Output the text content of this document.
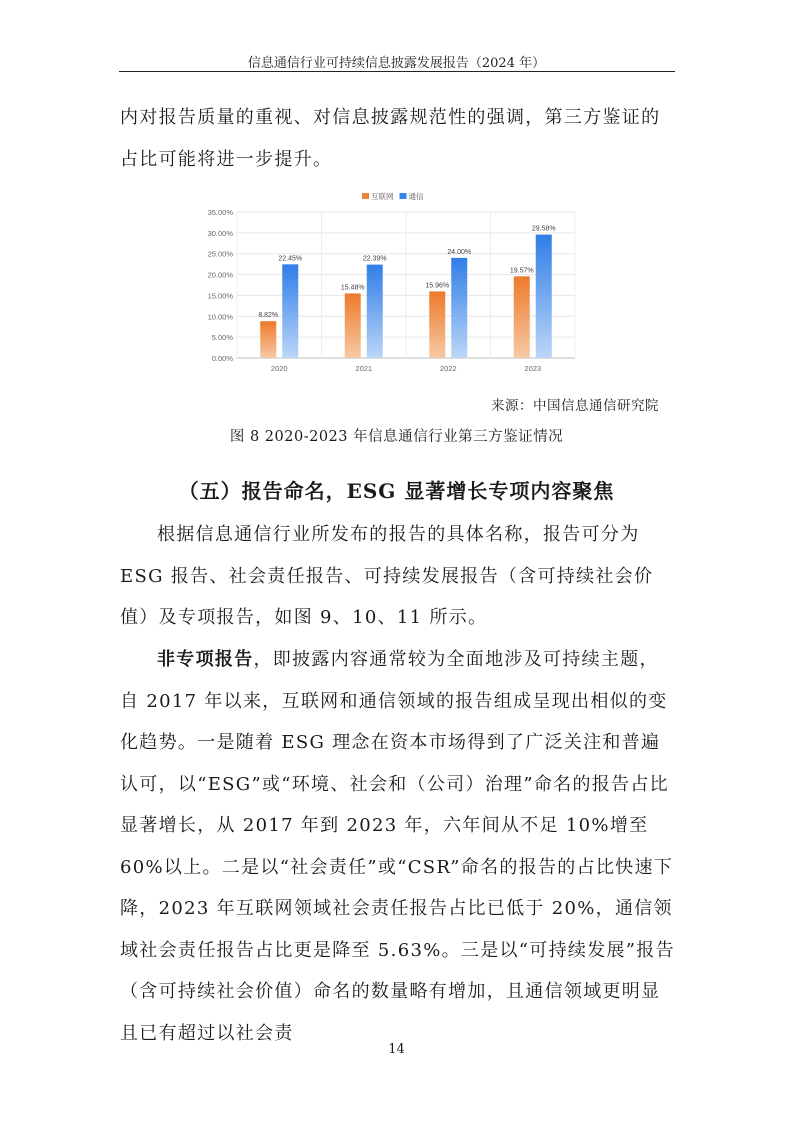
信息通信行业可持续信息披露发展报告（2024 年）

内对报告质量的重视、对信息披露规范性的强调，第三方鉴证的占比可能将进一步提升。

互联网 通信
0.00%
5.00%
10.00%
15.00%
20.00%
25.00%
30.00%
35.00%
8.82%
22.45%
15.48%
22.39%
15.96%
24.00%
19.57%
29.58%
2020	2021	2022	2023
来源：中国信息通信研究院
图 8 2020-2023 年信息通信行业第三方鉴证情况
（五）报告命名，ESG 显著增长专项内容聚焦

根据信息通信行业所发布的报告的具体名称，报告可分为 ESG 报告、社会责任报告、可持续发展报告（含可持续社会价值）及专项报告，如图 9、10、11 所示。

非专项报告，即披露内容通常较为全面地涉及可持续主题，自 2017 年以来，互联网和通信领域的报告组成呈现出相似的变化趋势。一是随着 ESG 理念在资本市场得到了广泛关注和普遍认可，以“ESG”或“环境、社会和（公司）治理”命名的报告占比显著增长，从 2017 年到 2023 年，六年间从不足 10%增至 60%以上。二是以“社会责任”或“CSR”命名的报告的占比快速下降，2023 年互联网领域社会责任报告占比已低于 20%，通信领域社会责任报告占比更是降至 5.63%。三是以“可持续发展”报告（含可持续社会价值）命名的数量略有增加，且通信领域更明显且已有超过以社会责

14
